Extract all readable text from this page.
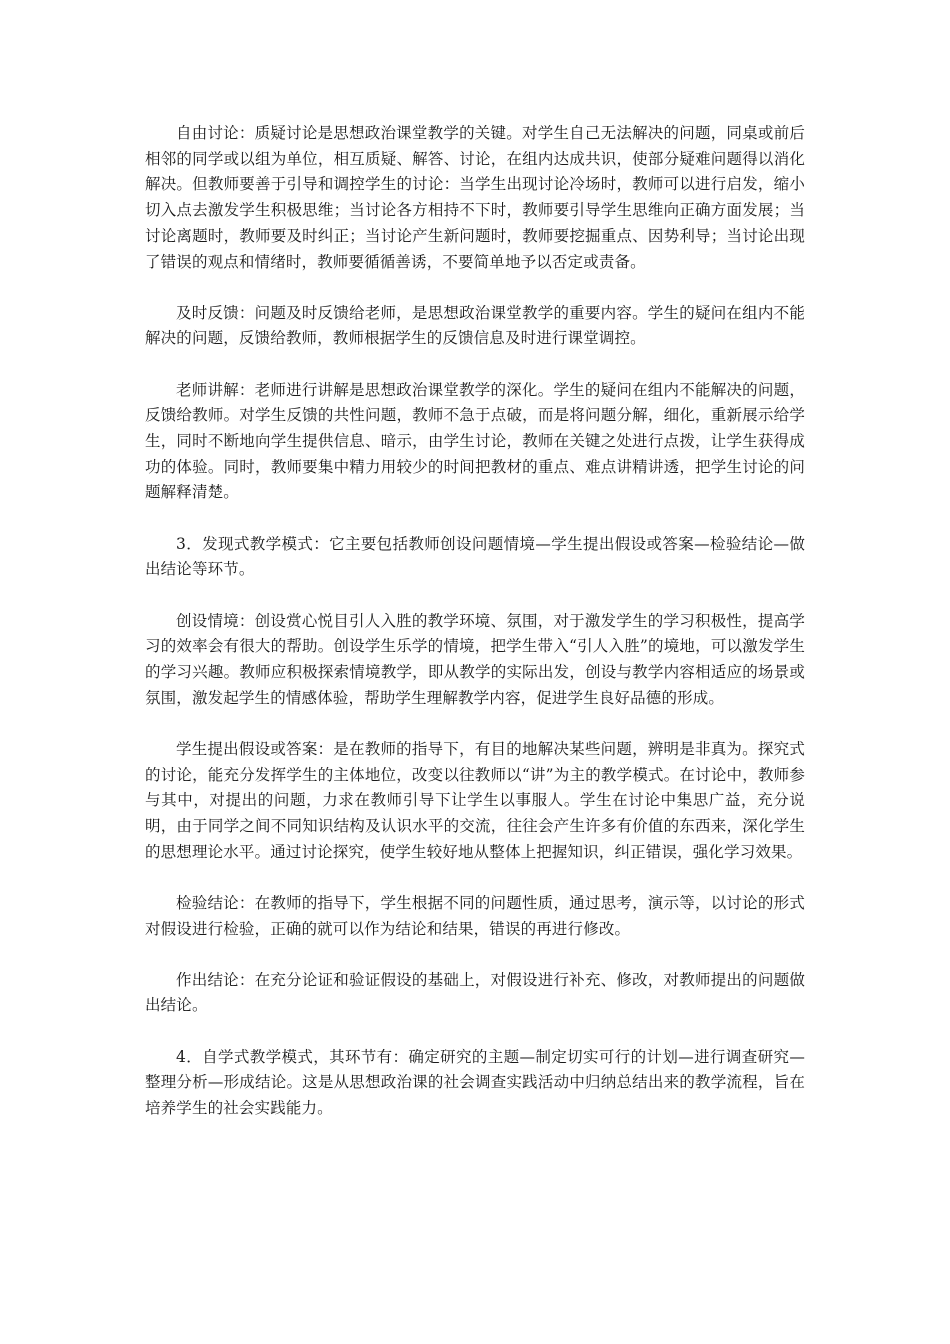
自由讨论：质疑讨论是思想政治课堂教学的关键。对学生自己无法解决的问题，同桌或前后相邻的同学或以组为单位，相互质疑、解答、讨论，在组内达成共识，使部分疑难问题得以消化解决。但教师要善于引导和调控学生的讨论：当学生出现讨论冷场时，教师可以进行启发，缩小切入点去激发学生积极思维；当讨论各方相持不下时，教师要引导学生思维向正确方面发展；当讨论离题时，教师要及时纠正；当讨论产生新问题时，教师要挖掘重点、因势利导；当讨论出现了错误的观点和情绪时，教师要循循善诱，不要简单地予以否定或责备。

及时反馈：问题及时反馈给老师，是思想政治课堂教学的重要内容。学生的疑问在组内不能解决的问题，反馈给教师，教师根据学生的反馈信息及时进行课堂调控。

老师讲解：老师进行讲解是思想政治课堂教学的深化。学生的疑问在组内不能解决的问题，反馈给教师。对学生反馈的共性问题，教师不急于点破，而是将问题分解，细化，重新展示给学生，同时不断地向学生提供信息、暗示，由学生讨论，教师在关键之处进行点拨，让学生获得成功的体验。同时，教师要集中精力用较少的时间把教材的重点、难点讲精讲透，把学生讨论的问题解释清楚。

3．发现式教学模式：它主要包括教师创设问题情境—学生提出假设或答案—检验结论—做出结论等环节。

创设情境：创设赏心悦目引人入胜的教学环境、氛围，对于激发学生的学习积极性，提高学习的效率会有很大的帮助。创设学生乐学的情境，把学生带入“引人入胜”的境地，可以激发学生的学习兴趣。教师应积极探索情境教学，即从教学的实际出发，创设与教学内容相适应的场景或氛围，激发起学生的情感体验，帮助学生理解教学内容，促进学生良好品德的形成。

学生提出假设或答案：是在教师的指导下，有目的地解决某些问题，辨明是非真为。探究式的讨论，能充分发挥学生的主体地位，改变以往教师以“讲”为主的教学模式。在讨论中，教师参与其中，对提出的问题，力求在教师引导下让学生以事服人。学生在讨论中集思广益，充分说明，由于同学之间不同知识结构及认识水平的交流，往往会产生许多有价值的东西来，深化学生的思想理论水平。通过讨论探究，使学生较好地从整体上把握知识，纠正错误，强化学习效果。

检验结论：在教师的指导下，学生根据不同的问题性质，通过思考，演示等，以讨论的形式对假设进行检验，正确的就可以作为结论和结果，错误的再进行修改。

作出结论：在充分论证和验证假设的基础上，对假设进行补充、修改，对教师提出的问题做出结论。

4．自学式教学模式，其环节有：确定研究的主题—制定切实可行的计划—进行调查研究—整理分析—形成结论。这是从思想政治课的社会调查实践活动中归纳总结出来的教学流程，旨在培养学生的社会实践能力。
